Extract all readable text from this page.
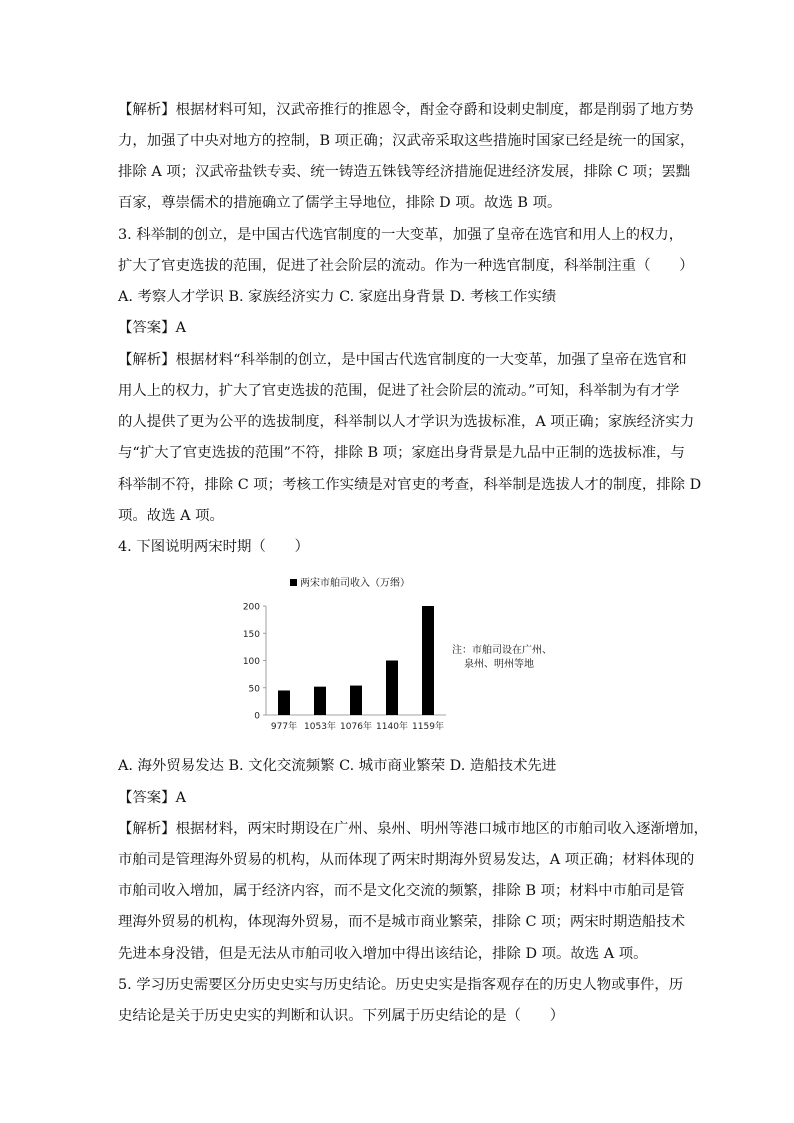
【解析】根据材料可知，汉武帝推行的推恩令，酎金夺爵和设刺史制度，都是削弱了地方势
力，加强了中央对地方的控制，B 项正确；汉武帝采取这些措施时国家已经是统一的国家，
排除 A 项；汉武帝盐铁专卖、统一铸造五铢钱等经济措施促进经济发展，排除 C 项；罢黜
百家，尊崇儒术的措施确立了儒学主导地位，排除 D 项。故选 B 项。
3. 科举制的创立，是中国古代选官制度的一大变革，加强了皇帝在选官和用人上的权力，
扩大了官吏选拔的范围，促进了社会阶层的流动。作为一种选官制度，科举制注重（　　）
A. 考察人才学识 B. 家族经济实力 C. 家庭出身背景 D. 考核工作实绩
【答案】A
【解析】根据材料“科举制的创立，是中国古代选官制度的一大变革，加强了皇帝在选官和
用人上的权力，扩大了官吏选拔的范围，促进了社会阶层的流动。”可知，科举制为有才学
的人提供了更为公平的选拔制度，科举制以人才学识为选拔标准，A 项正确；家族经济实力
与“扩大了官吏选拔的范围”不符，排除 B 项；家庭出身背景是九品中正制的选拔标准，与
科举制不符，排除 C 项；考核工作实绩是对官吏的考查，科举制是选拔人才的制度，排除 D
项。故选 A 项。
4. 下图说明两宋时期（　　）
A. 海外贸易发达 B. 文化交流频繁 C. 城市商业繁荣 D. 造船技术先进
【答案】A
【解析】根据材料，两宋时期设在广州、泉州、明州等港口城市地区的市舶司收入逐渐增加，
市舶司是管理海外贸易的机构，从而体现了两宋时期海外贸易发达，A 项正确；材料体现的
市舶司收入增加，属于经济内容，而不是文化交流的频繁，排除 B 项；材料中市舶司是管
理海外贸易的机构，体现海外贸易，而不是城市商业繁荣，排除 C 项；两宋时期造船技术
先进本身没错，但是无法从市舶司收入增加中得出该结论，排除 D 项。故选 A 项。
5. 学习历史需要区分历史史实与历史结论。历史史实是指客观存在的历史人物或事件，历
史结论是关于历史史实的判断和认识。下列属于历史结论的是（　　）
两宋市舶司收入（万缗）
0
50
100
150
200
977年 1053年 1076年 1140年 1159年
注：市舶司设在广州、
泉州、明州等地
